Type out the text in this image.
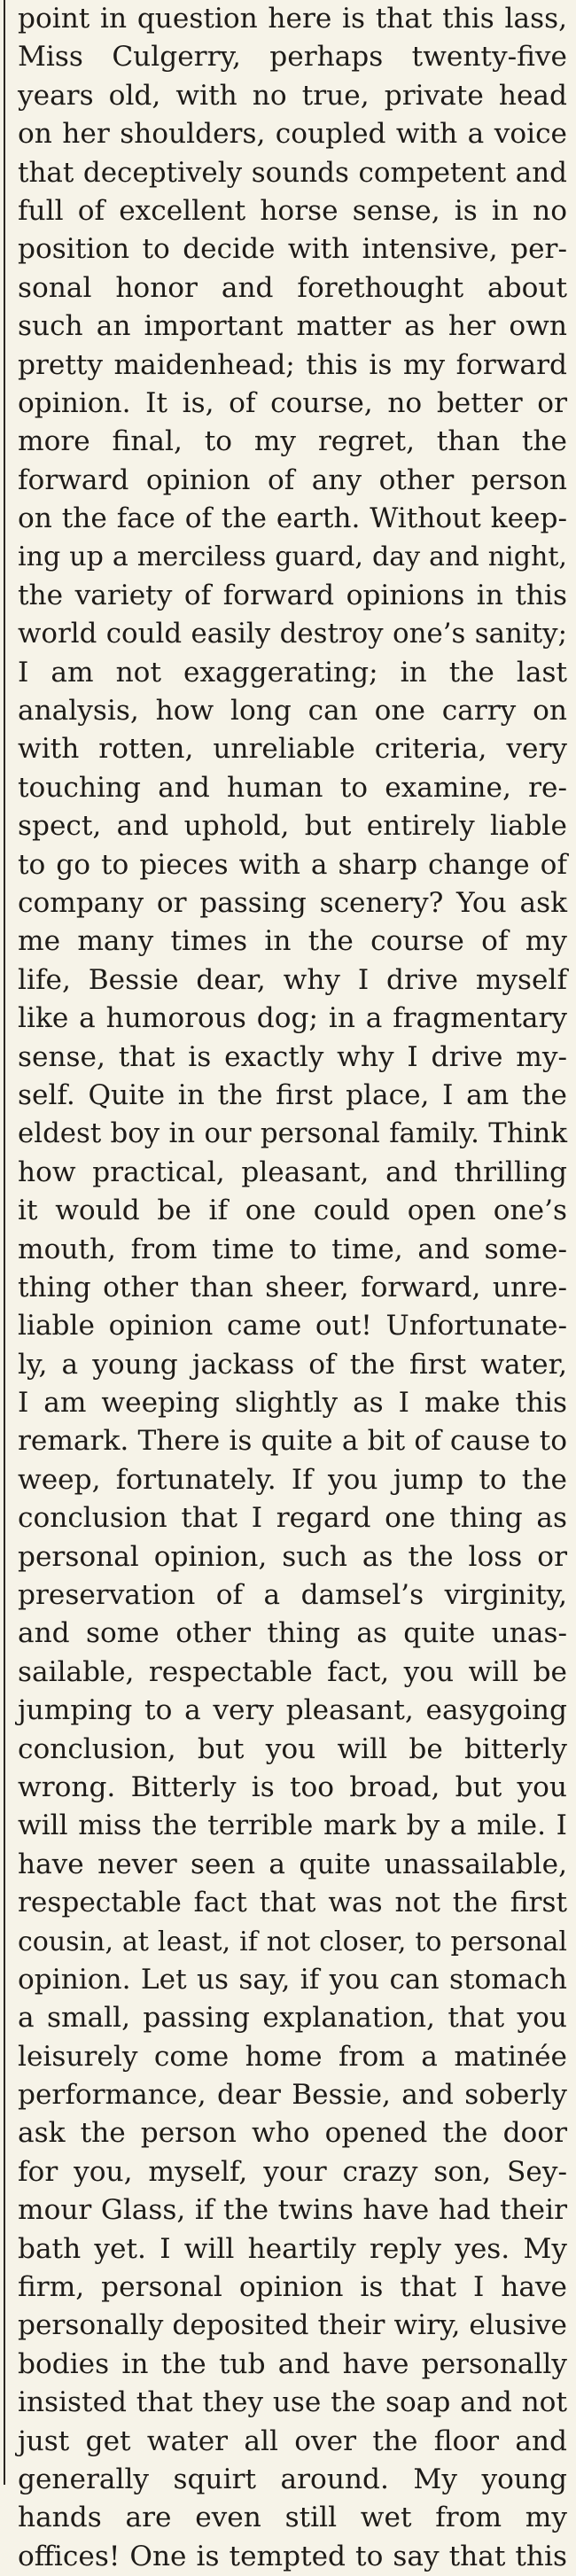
point in question here is that this lass,
Miss Culgerry, perhaps twenty-five
years old, with no true, private head
on her shoulders, coupled with a voice
that deceptively sounds competent and
full of excellent horse sense, is in no
position to decide with intensive, per-
sonal honor and forethought about
such an important matter as her own
pretty maidenhead; this is my forward
opinion. It is, of course, no better or
more final, to my regret, than the
forward opinion of any other person
on the face of the earth. Without keep-
ing up a merciless guard, day and night,
the variety of forward opinions in this
world could easily destroy one’s sanity;
I am not exaggerating; in the last
analysis, how long can one carry on
with rotten, unreliable criteria, very
touching and human to examine, re-
spect, and uphold, but entirely liable
to go to pieces with a sharp change of
company or passing scenery? You ask
me many times in the course of my
life, Bessie dear, why I drive myself
like a humorous dog; in a fragmentary
sense, that is exactly why I drive my-
self. Quite in the first place, I am the
eldest boy in our personal family. Think
how practical, pleasant, and thrilling
it would be if one could open one’s
mouth, from time to time, and some-
thing other than sheer, forward, unre-
liable opinion came out! Unfortunate-
ly, a young jackass of the first water,
I am weeping slightly as I make this
remark. There is quite a bit of cause to
weep, fortunately. If you jump to the
conclusion that I regard one thing as
personal opinion, such as the loss or
preservation of a damsel’s virginity,
and some other thing as quite unas-
sailable, respectable fact, you will be
jumping to a very pleasant, easygoing
conclusion, but you will be bitterly
wrong. Bitterly is too broad, but you
will miss the terrible mark by a mile. I
have never seen a quite unassailable,
respectable fact that was not the first
cousin, at least, if not closer, to personal
opinion. Let us say, if you can stomach
a small, passing explanation, that you
leisurely come home from a matinée
performance, dear Bessie, and soberly
ask the person who opened the door
for you, myself, your crazy son, Sey-
mour Glass, if the twins have had their
bath yet. I will heartily reply yes. My
firm, personal opinion is that I have
personally deposited their wiry, elusive
bodies in the tub and have personally
insisted that they use the soap and not
just get water all over the floor and
generally squirt around. My young
hands are even still wet from my
offices! One is tempted to say that this
